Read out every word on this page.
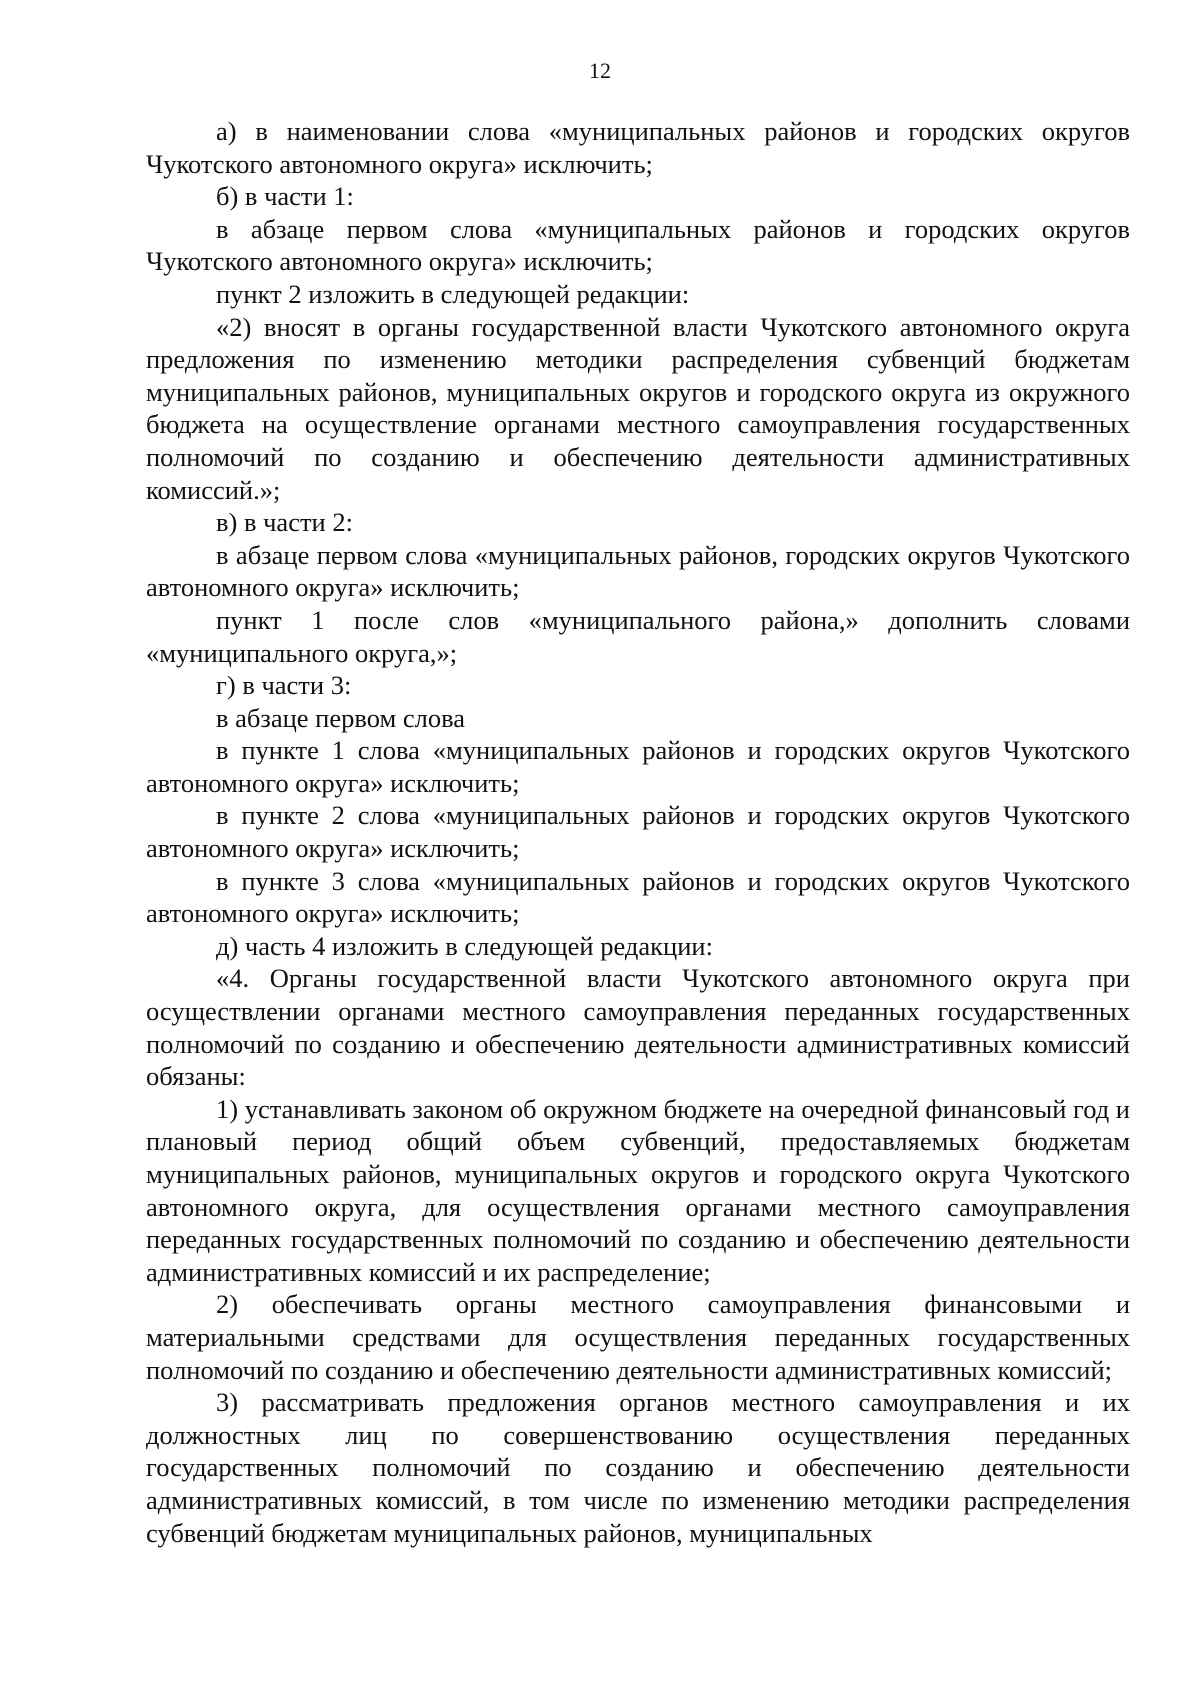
12

а) в наименовании слова «муниципальных районов и городских округов Чукотского автономного округа» исключить;

б) в части 1:

в абзаце первом слова «муниципальных районов и городских округов Чукотского автономного округа» исключить;

пункт 2 изложить в следующей редакции:

«2) вносят в органы государственной власти Чукотского автономного округа предложения по изменению методики распределения субвенций бюджетам муниципальных районов, муниципальных округов и городского округа из окружного бюджета на осуществление органами местного самоуправления государственных полномочий по созданию и обеспечению деятельности административных комиссий.»;

в) в части 2:

в абзаце первом слова «муниципальных районов, городских округов Чукотского автономного округа» исключить;

пункт 1 после слов «муниципального района,» дополнить словами «муниципального округа,»;

г) в части 3:

в абзаце первом слова

в пункте 1 слова «муниципальных районов и городских округов Чукотского автономного округа» исключить;

в пункте 2 слова «муниципальных районов и городских округов Чукотского автономного округа» исключить;

в пункте 3 слова «муниципальных районов и городских округов Чукотского автономного округа» исключить;

д) часть 4 изложить в следующей редакции:

«4. Органы государственной власти Чукотского автономного округа при осуществлении органами местного самоуправления переданных государственных полномочий по созданию и обеспечению деятельности административных комиссий обязаны:

1) устанавливать законом об окружном бюджете на очередной финансовый год и плановый период общий объем субвенций, предоставляемых бюджетам муниципальных районов, муниципальных округов и городского округа Чукотского автономного округа, для осуществления органами местного самоуправления переданных государственных полномочий по созданию и обеспечению деятельности административных комиссий и их распределение;

2) обеспечивать органы местного самоуправления финансовыми и материальными средствами для осуществления переданных государственных полномочий по созданию и обеспечению деятельности административных комиссий;

3) рассматривать предложения органов местного самоуправления и их должностных лиц по совершенствованию осуществления переданных государственных полномочий по созданию и обеспечению деятельности административных комиссий, в том числе по изменению методики распределения субвенций бюджетам муниципальных районов, муниципальных
